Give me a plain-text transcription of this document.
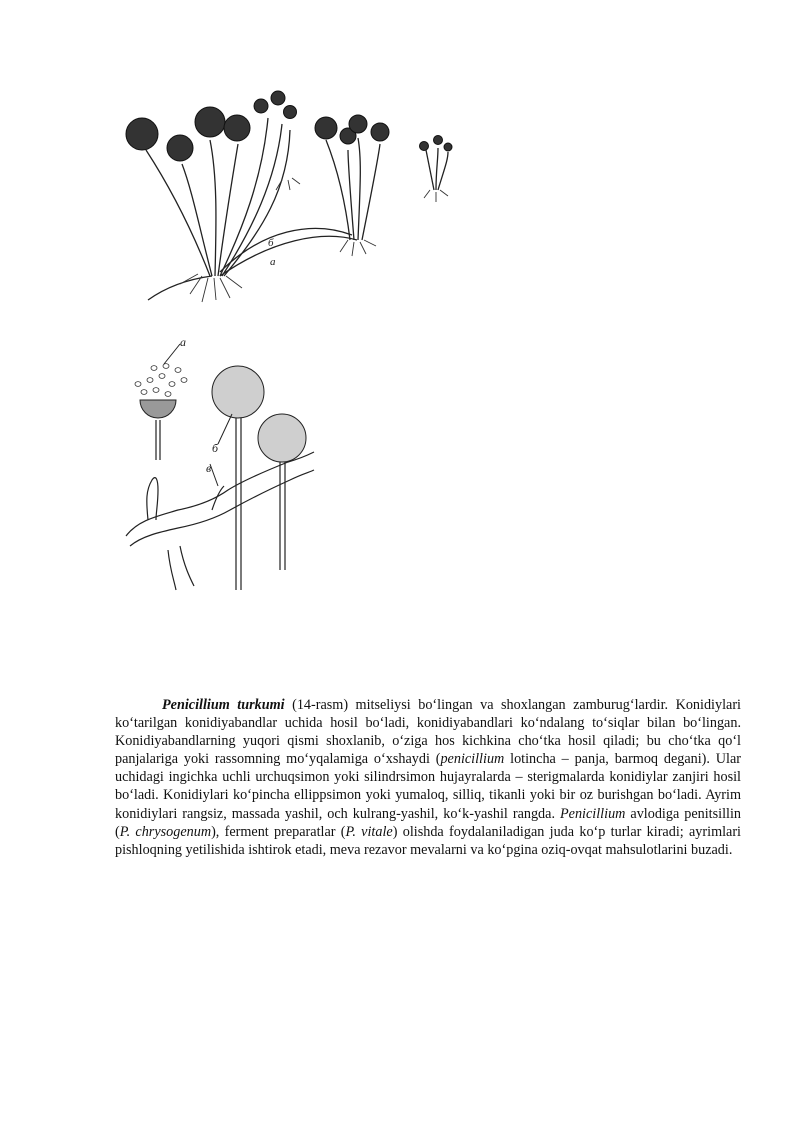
б
a
a
б
в

Penicillium turkumi (14-rasm) mitseliysi bo‘lingan va shoxlangan zamburug‘lardir. Konidiylari ko‘tarilgan konidiyabandlar uchida hosil bo‘ladi, konidiyabandlari ko‘ndalang to‘siqlar bilan bo‘lingan. Konidiyabandlarning yuqori qismi shoxlanib, o‘ziga hos kichkina cho‘tka hosil qiladi; bu cho‘tka qo‘l panjalariga yoki rassomning mo‘yqalamiga o‘xshaydi (penicillium lotincha – panja, barmoq degani). Ular uchidagi ingichka uchli urchuqsimon yoki silindrsimon hujayralarda – sterigmalarda konidiylar zanjiri hosil bo‘ladi. Konidiylari ko‘pincha ellippsimon yoki yumaloq, silliq, tikanli yoki bir oz burishgan bo‘ladi. Ayrim konidiylari rangsiz, massada yashil, och kulrang-yashil, ko‘k-yashil rangda. Penicillium avlodiga penitsillin (P. chrysogenum), ferment preparatlar (P. vitale) olishda foydalaniladigan juda ko‘p turlar kiradi; ayrimlari pishloqning yetilishida ishtirok etadi, meva rezavor mevalarni va ko‘pgina oziq-ovqat mahsulotlarini buzadi.
